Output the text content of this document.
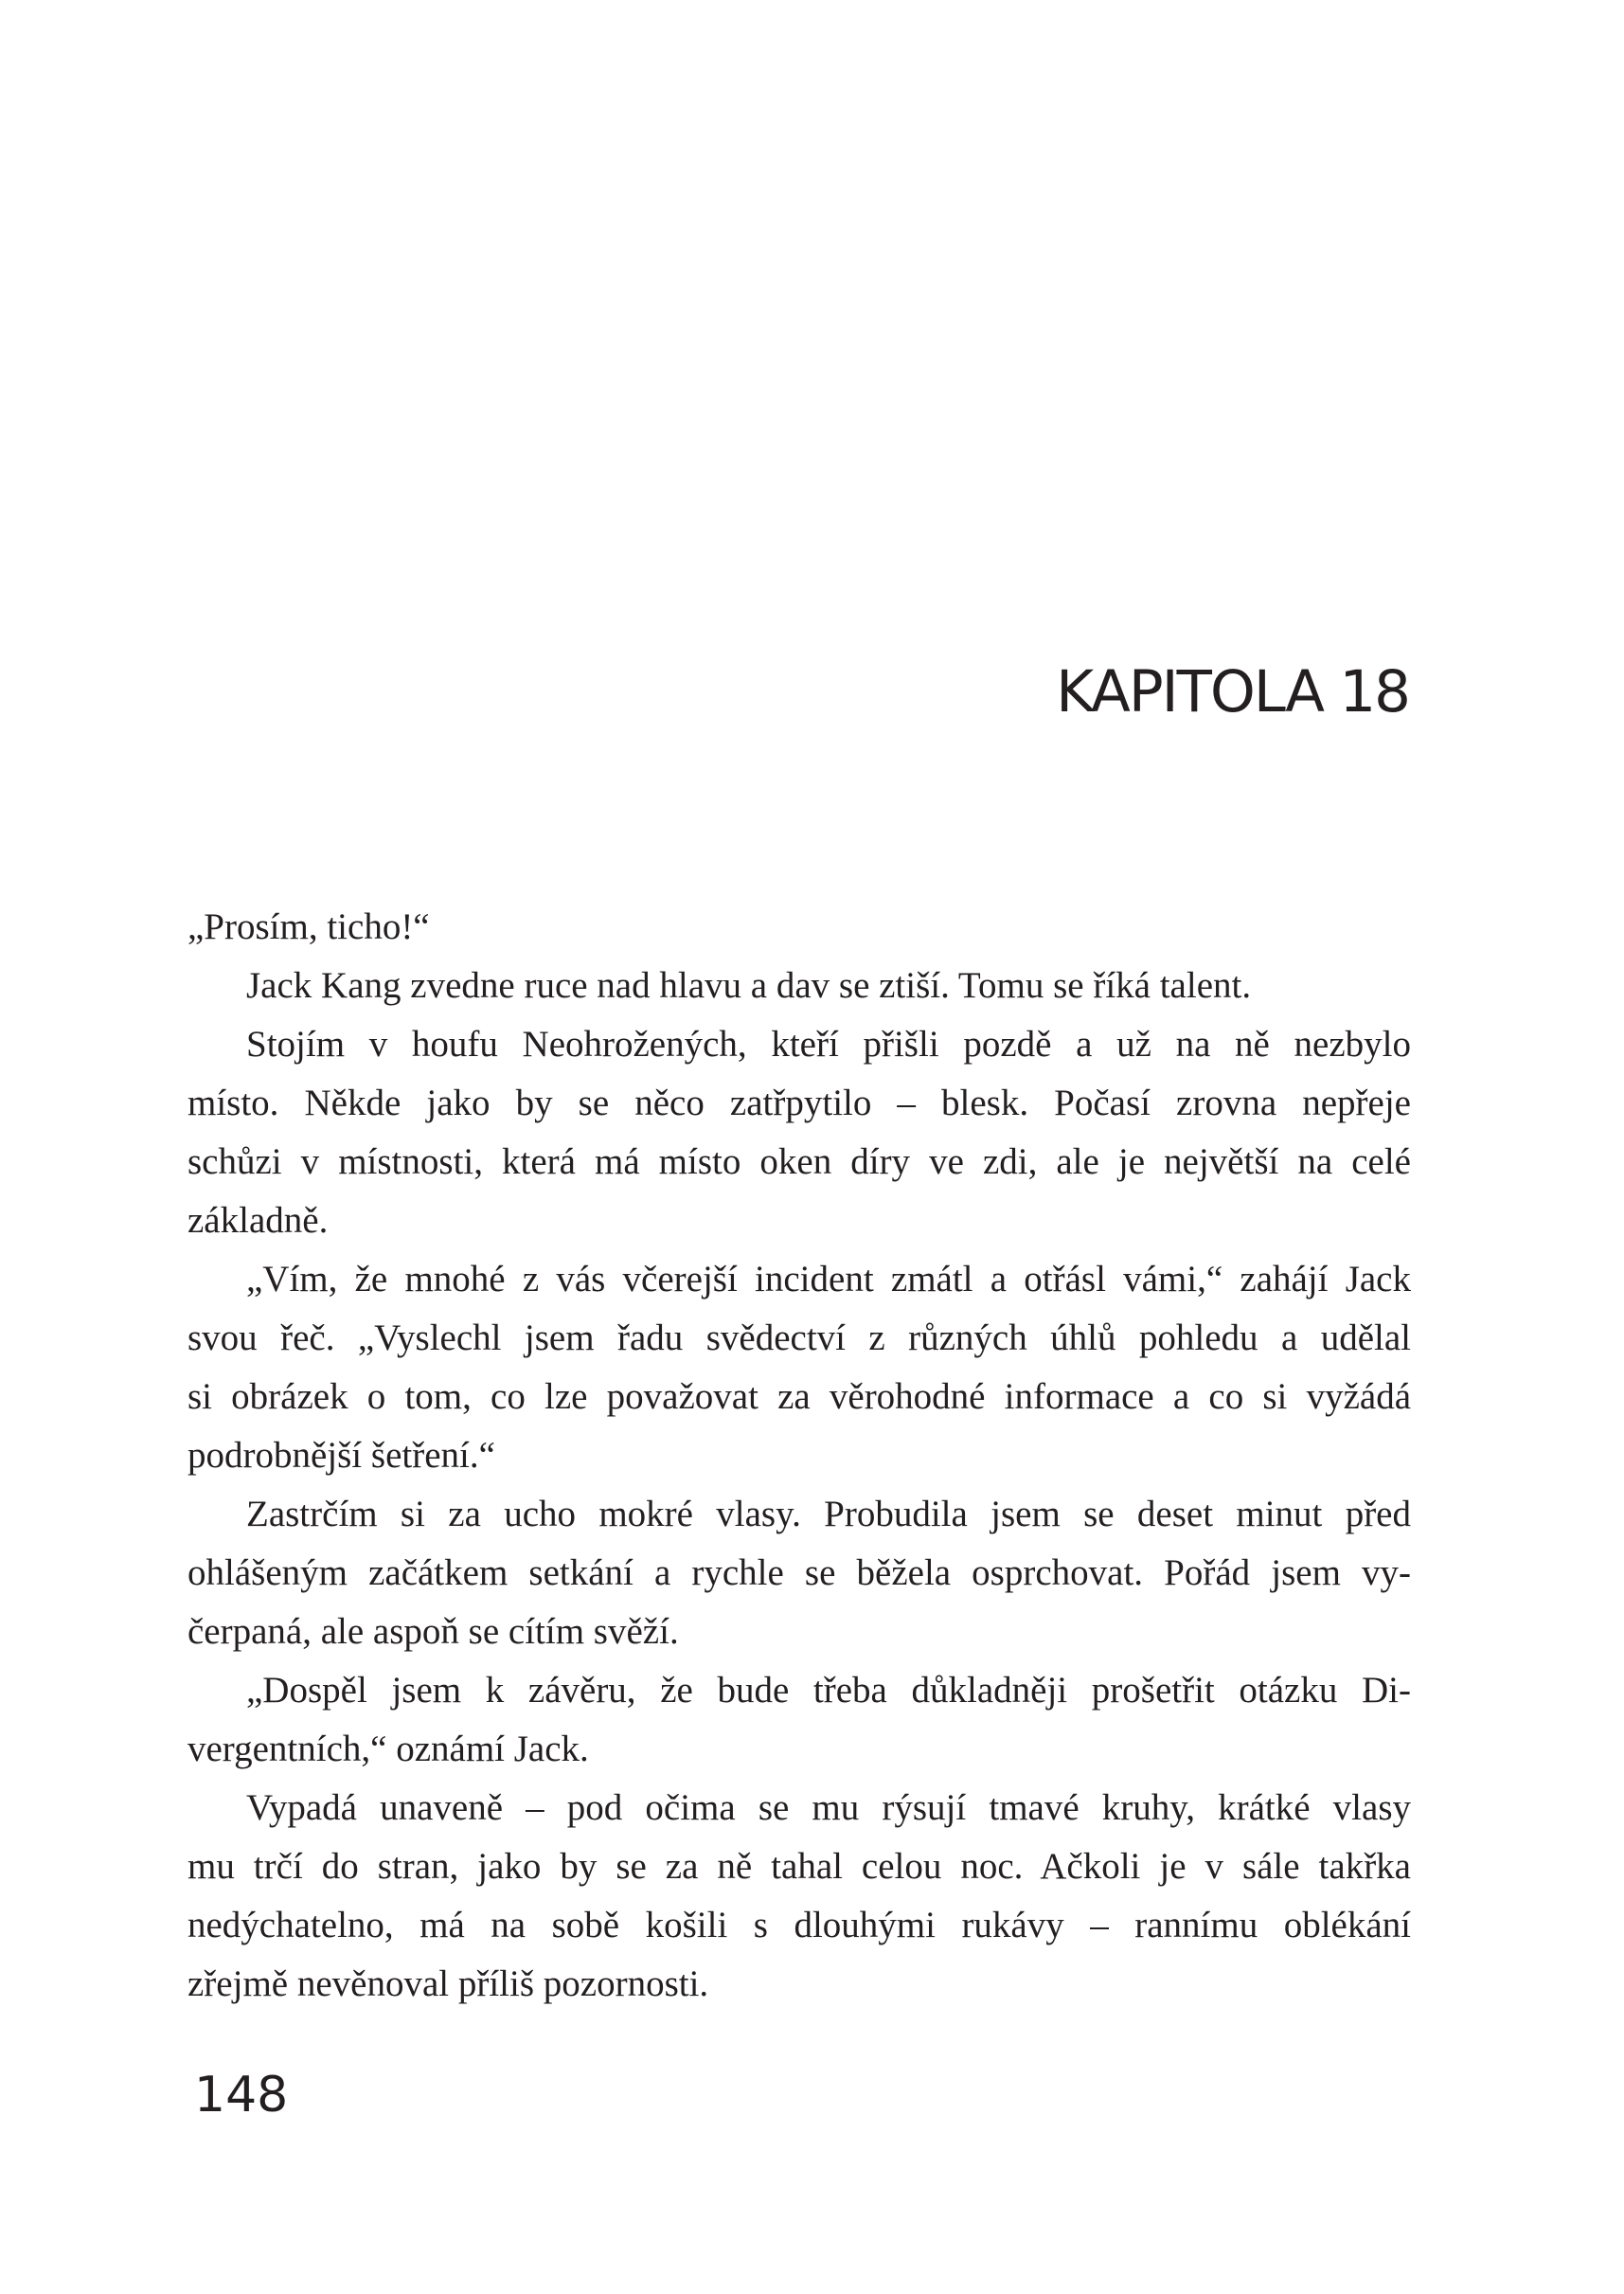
KAPITOLA 18
„Prosím, ticho!“
Jack Kang zvedne ruce nad hlavu a dav se ztiší. Tomu se říká talent.
Stojím v houfu Neohrožených, kteří přišli pozdě a už na ně nezbylo
místo. Někde jako by se něco zatřpytilo – blesk. Počasí zrovna nepřeje
schůzi v místnosti, která má místo oken díry ve zdi, ale je největší na celé
základně.
„Vím, že mnohé z vás včerejší incident zmátl a otřásl vámi,“ zahájí Jack
svou řeč. „Vyslechl jsem řadu svědectví z různých úhlů pohledu a udělal
si obrázek o tom, co lze považovat za věrohodné informace a co si vyžádá
podrobnější šetření.“
Zastrčím si za ucho mokré vlasy. Probudila jsem se deset minut před
ohlášeným začátkem setkání a rychle se běžela osprchovat. Pořád jsem vy-
čerpaná, ale aspoň se cítím svěží.
„Dospěl jsem k závěru, že bude třeba důkladněji prošetřit otázku Di-
vergentních,“ oznámí Jack.
Vypadá unaveně – pod očima se mu rýsují tmavé kruhy, krátké vlasy
mu trčí do stran, jako by se za ně tahal celou noc. Ačkoli je v sále takřka
nedýchatelno, má na sobě košili s dlouhými rukávy – rannímu oblékání
zřejmě nevěnoval příliš pozornosti.
148
